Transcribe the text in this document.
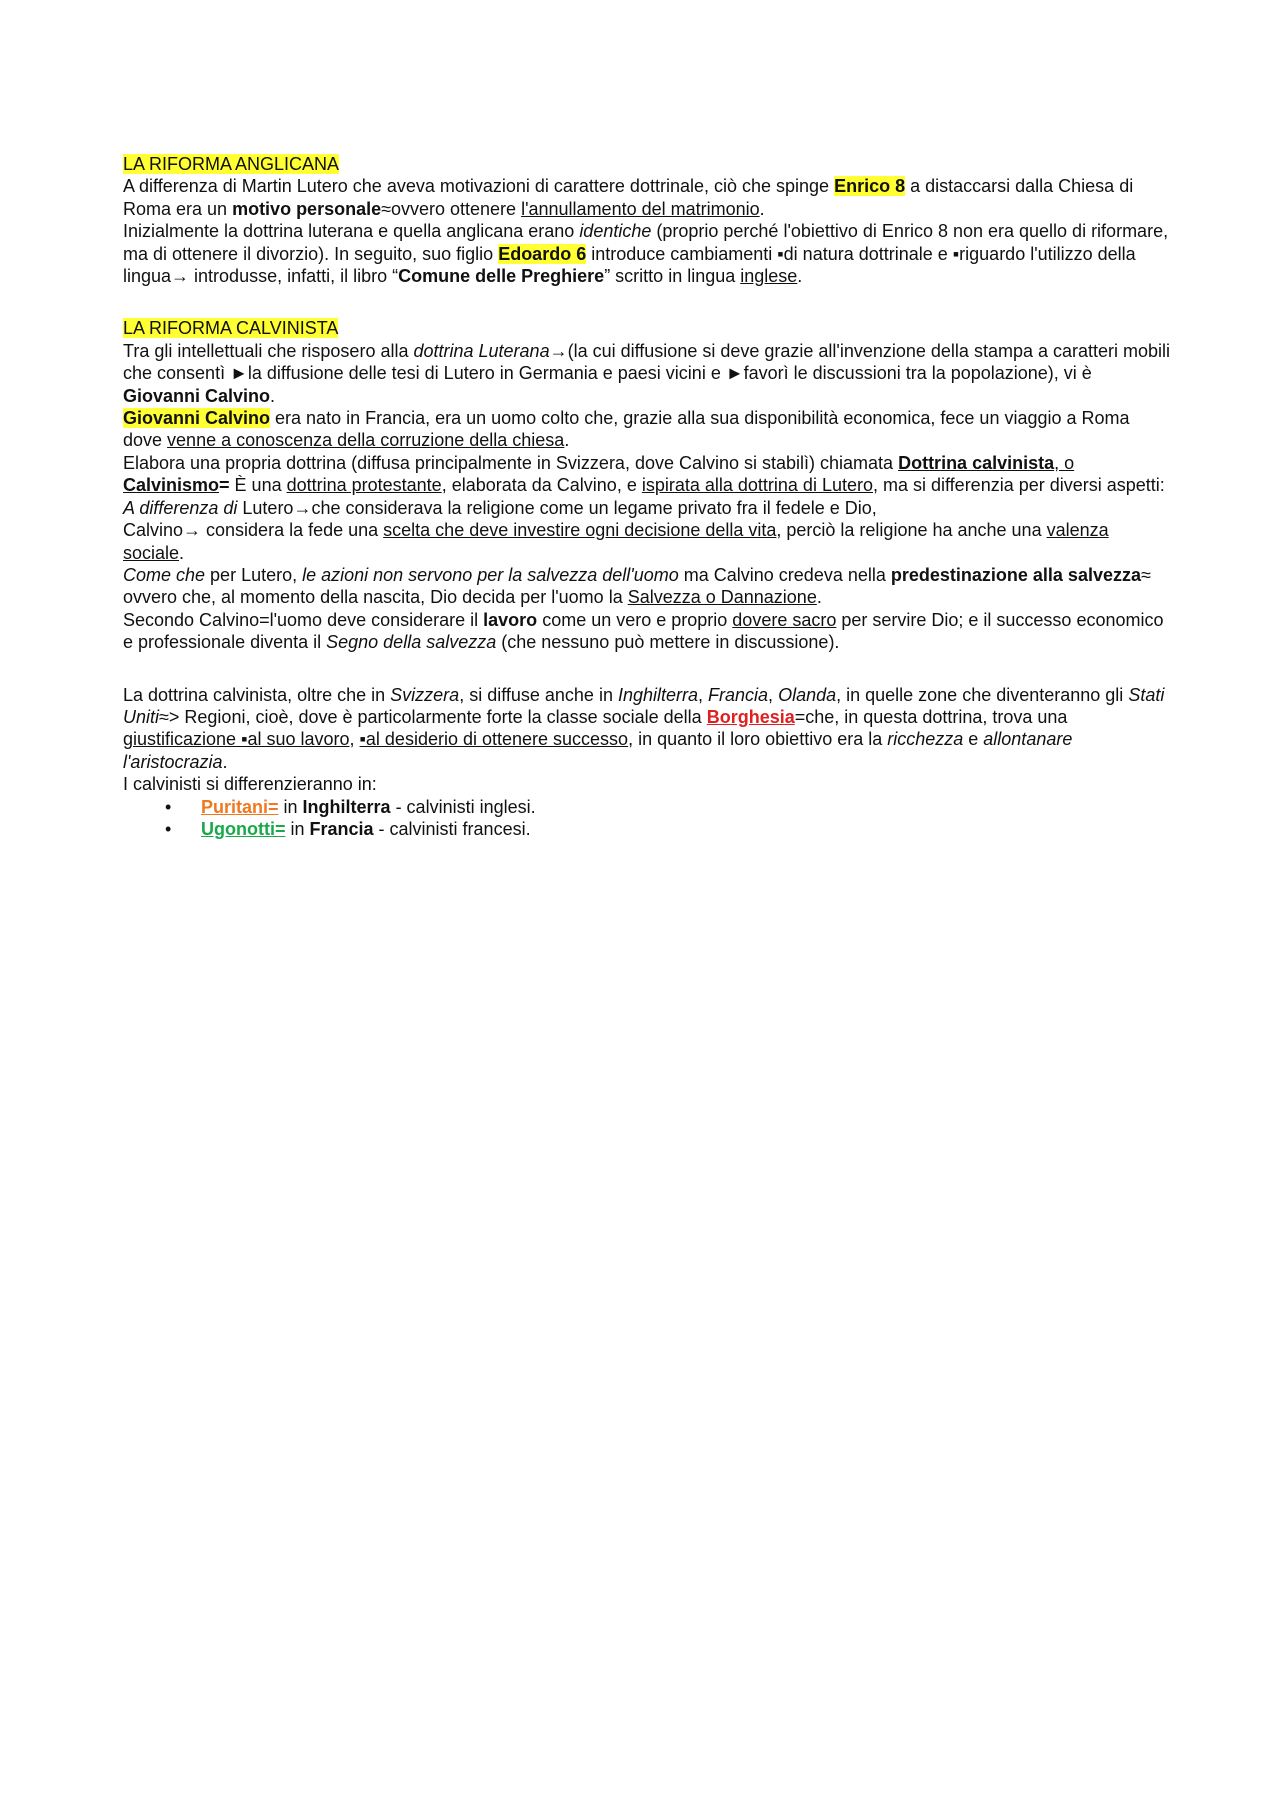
LA RIFORMA ANGLICANA

A differenza di Martin Lutero che aveva motivazioni di carattere dottrinale, ciò che spinge Enrico 8 a distaccarsi dalla Chiesa di Roma era un motivo personale≈ovvero ottenere l'annullamento del matrimonio.

Inizialmente la dottrina luterana e quella anglicana erano identiche (proprio perché l'obiettivo di Enrico 8 non era quello di riformare, ma di ottenere il divorzio). In seguito, suo figlio Edoardo 6 introduce cambiamenti ▪di natura dottrinale e ▪riguardo l'utilizzo della lingua→ introdusse, infatti, il libro “Comune delle Preghiere” scritto in lingua inglese.

LA RIFORMA CALVINISTA

Tra gli intellettuali che risposero alla dottrina Luterana→(la cui diffusione si deve grazie all'invenzione della stampa a caratteri mobili che consentì ►la diffusione delle tesi di Lutero in Germania e paesi vicini e ►favorì le discussioni tra la popolazione), vi è Giovanni Calvino.

Giovanni Calvino era nato in Francia, era un uomo colto che, grazie alla sua disponibilità economica, fece un viaggio a Roma dove venne a conoscenza della corruzione della chiesa.

Elabora una propria dottrina (diffusa principalmente in Svizzera, dove Calvino si stabilì) chiamata Dottrina calvinista, o Calvinismo= È una dottrina protestante, elaborata da Calvino, e ispirata alla dottrina di Lutero, ma si differenzia per diversi aspetti:

A differenza di Lutero→che considerava la religione come un legame privato fra il fedele e Dio,

Calvino→ considera la fede una scelta che deve investire ogni decisione della vita, perciò la religione ha anche una valenza sociale.

Come che per Lutero, le azioni non servono per la salvezza dell'uomo ma Calvino credeva nella predestinazione alla salvezza≈ ovvero che, al momento della nascita, Dio decida per l'uomo la Salvezza o Dannazione.

Secondo Calvino=l'uomo deve considerare il lavoro come un vero e proprio dovere sacro per servire Dio; e il successo economico e professionale diventa il Segno della salvezza (che nessuno può mettere in discussione).

La dottrina calvinista, oltre che in Svizzera, si diffuse anche in Inghilterra, Francia, Olanda, in quelle zone che diventeranno gli Stati Uniti≈> Regioni, cioè, dove è particolarmente forte la classe sociale della Borghesia=che, in questa dottrina, trova una giustificazione ▪al suo lavoro, ▪al desiderio di ottenere successo, in quanto il loro obiettivo era la ricchezza e allontanare l'aristocrazia.

I calvinisti si differenzieranno in:

• Puritani= in Inghilterra - calvinisti inglesi.
• Ugonotti= in Francia - calvinisti francesi.
